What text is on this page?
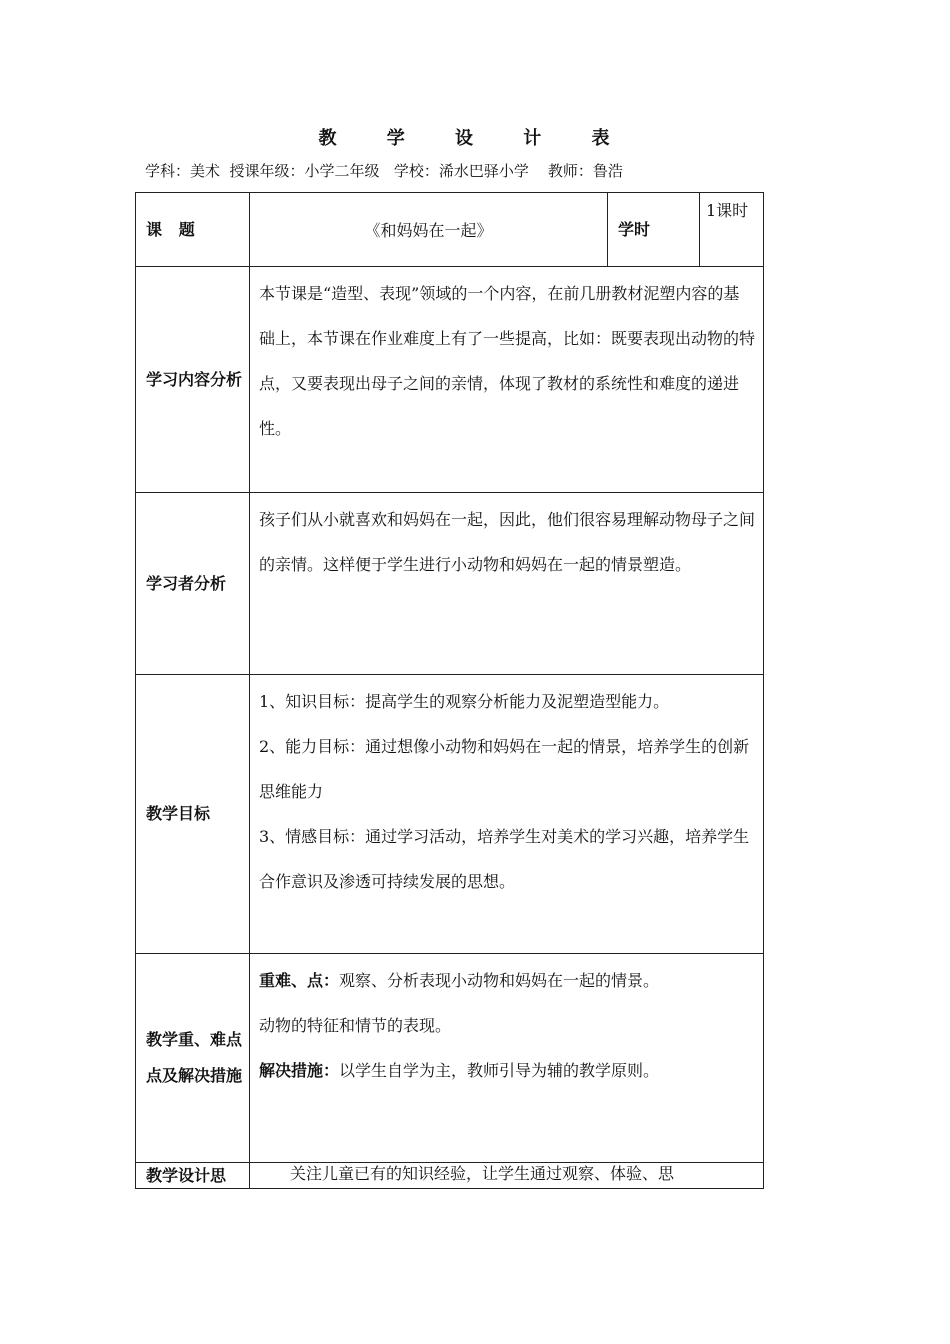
教 学 设 计 表
学科：美术  授课年级：小学二年级   学校：浠水巴驿小学    教师：鲁浩
课   题	《和妈妈在一起》	学时	1课时
学习内容分析	本节课是“造型、表现”领域的一个内容，在前几册教材泥塑内容的基础上，本节课在作业难度上有了一些提高，比如：既要表现出动物的特点，又要表现出母子之间的亲情，体现了教材的系统性和难度的递进性。		
学习者分析	孩子们从小就喜欢和妈妈在一起，因此，他们很容易理解动物母子之间的亲情。这样便于学生进行小动物和妈妈在一起的情景塑造。		
教学目标	1、知识目标：提高学生的观察分析能力及泥塑造型能力。

2、能力目标：通过想像小动物和妈妈在一起的情景，培养学生的创新思维能力

3、情感目标：通过学习活动，培养学生对美术的学习兴趣，培养学生合作意识及渗透可持续发展的思想。		

教学重、难点点及解决措施	重难、点：观察、分析表现小动物和妈妈在一起的情景。

动物的特征和情节的表现。

解决措施：以学生自学为主，教师引导为辅的教学原则。		

教学设计思	关注儿童已有的知识经验，让学生通过观察、体验、思		
